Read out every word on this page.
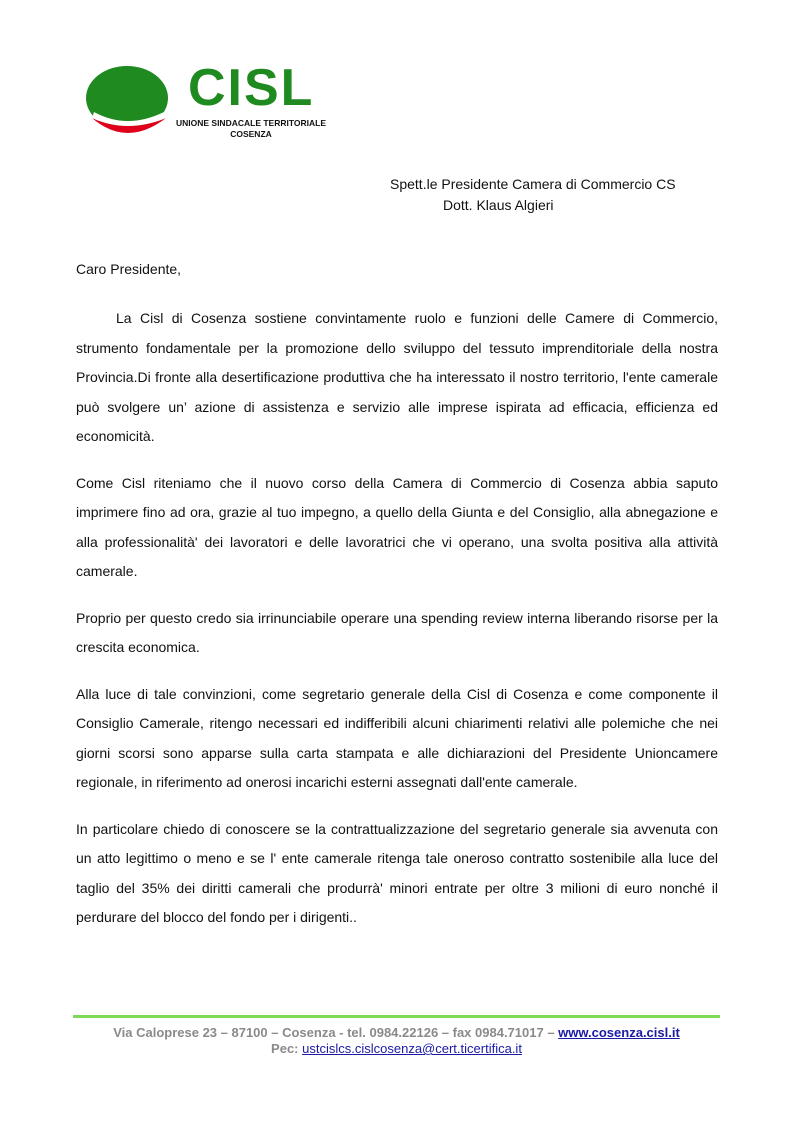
CISL
UNIONE SINDACALE TERRITORIALE
COSENZA
Spett.le Presidente Camera di Commercio CS
Dott. Klaus Algieri
Caro Presidente,

La Cisl di Cosenza sostiene convintamente ruolo e funzioni delle Camere di Commercio, strumento fondamentale per la promozione dello sviluppo del tessuto imprenditoriale della nostra Provincia.Di fronte alla desertificazione produttiva che ha interessato il nostro territorio, l'ente camerale può svolgere un’ azione di assistenza e servizio alle imprese ispirata ad efficacia, efficienza ed economicità.

Come Cisl riteniamo che il nuovo corso della Camera di Commercio di Cosenza abbia saputo imprimere fino ad ora, grazie al tuo impegno, a quello della Giunta e del Consiglio, alla abnegazione e alla professionalità' dei lavoratori e delle lavoratrici che vi operano, una svolta positiva alla attività camerale.

Proprio per questo credo sia irrinunciabile operare una spending review interna liberando risorse per la crescita economica.

Alla luce di tale convinzioni, come segretario generale della Cisl di Cosenza e come componente il Consiglio Camerale, ritengo necessari ed indifferibili alcuni chiarimenti relativi alle polemiche che nei giorni scorsi sono apparse sulla carta stampata e alle dichiarazioni del Presidente Unioncamere regionale, in riferimento ad onerosi incarichi esterni assegnati dall'ente camerale.

In particolare chiedo di conoscere se la contrattualizzazione del segretario generale sia avvenuta con un atto legittimo o meno e se l' ente camerale ritenga tale oneroso contratto sostenibile alla luce del taglio del 35% dei diritti camerali che produrrà' minori entrate per oltre 3 milioni di euro nonché il perdurare del blocco del fondo per i dirigenti..

Via Caloprese 23 – 87100 – Cosenza - tel. 0984.22126 – fax 0984.71017 – www.cosenza.cisl.it
Pec: ustcislcs.cislcosenza@cert.ticertifica.it
